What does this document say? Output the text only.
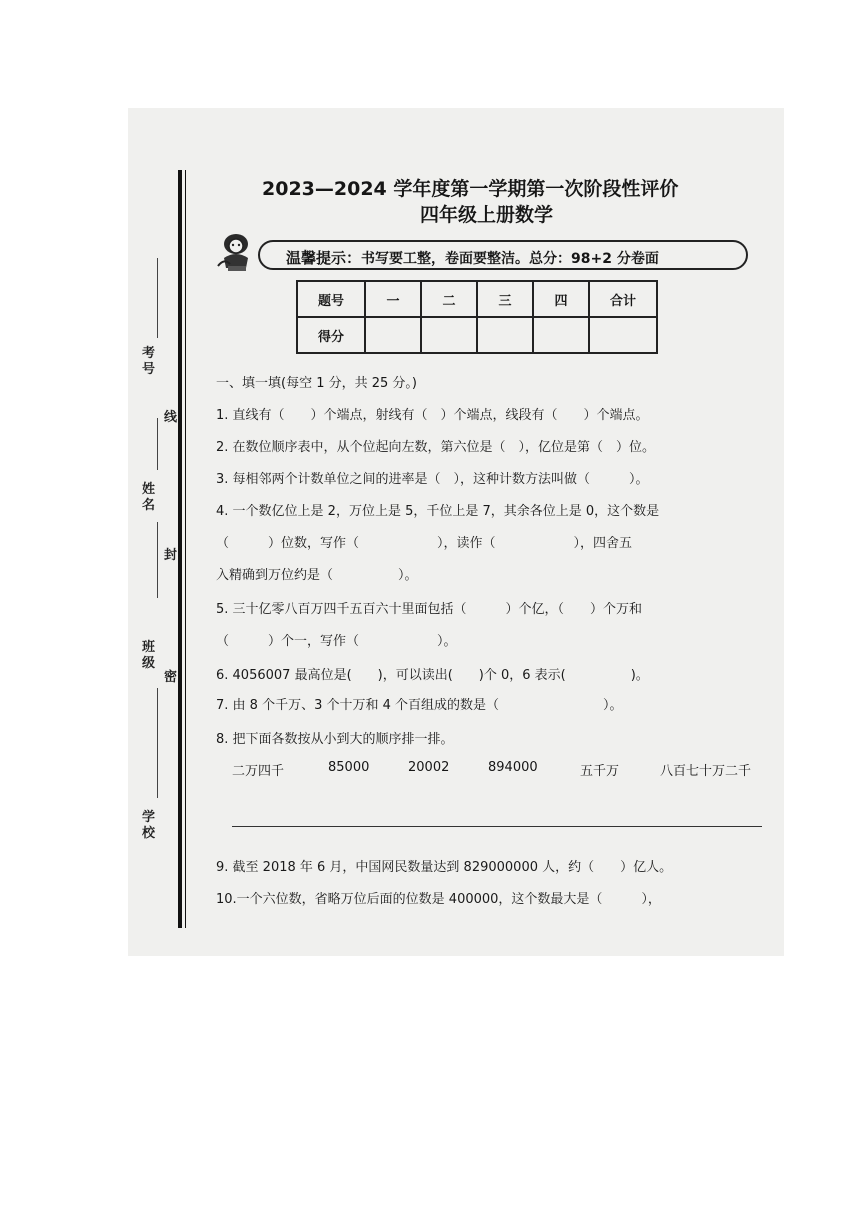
考号
线
姓名
封
班级
密
学校
2023—2024 学年度第一学期第一次阶段性评价
四年级上册数学
温馨提示：书写要工整，卷面要整洁。总分：98+2 分卷面
题号	一	二	三	四	合计
得分					
一、填一填(每空 1 分，共 25 分。)
1. 直线有（　　）个端点，射线有（　）个端点，线段有（　　）个端点。
2. 在数位顺序表中，从个位起向左数，第六位是（　），亿位是第（　）位。
3. 每相邻两个计数单位之间的进率是（　），这种计数方法叫做（　　　）。
4. 一个数亿位上是 2，万位上是 5，千位上是 7，其余各位上是 0，这个数是
（　　　）位数，写作（　　　　　　），读作（　　　　　　），四舍五
入精确到万位约是（　　　　　）。
5. 三十亿零八百万四千五百六十里面包括（　　　）个亿，（　　）个万和
（　　　）个一，写作（　　　　　　）。
6. 4056007 最高位是(　　)，可以读出(　　)个 0，6 表示(　　　　　)。
7. 由 8 个千万、3 个十万和 4 个百组成的数是（　　　　　　　　）。
8. 把下面各数按从小到大的顺序排一排。
二万四千	85000	20002	894000	五千万	八百七十万二千
9. 截至 2018 年 6 月，中国网民数量达到 829000000 人，约（　　）亿人。
10.一个六位数，省略万位后面的位数是 400000，这个数最大是（　　　），
